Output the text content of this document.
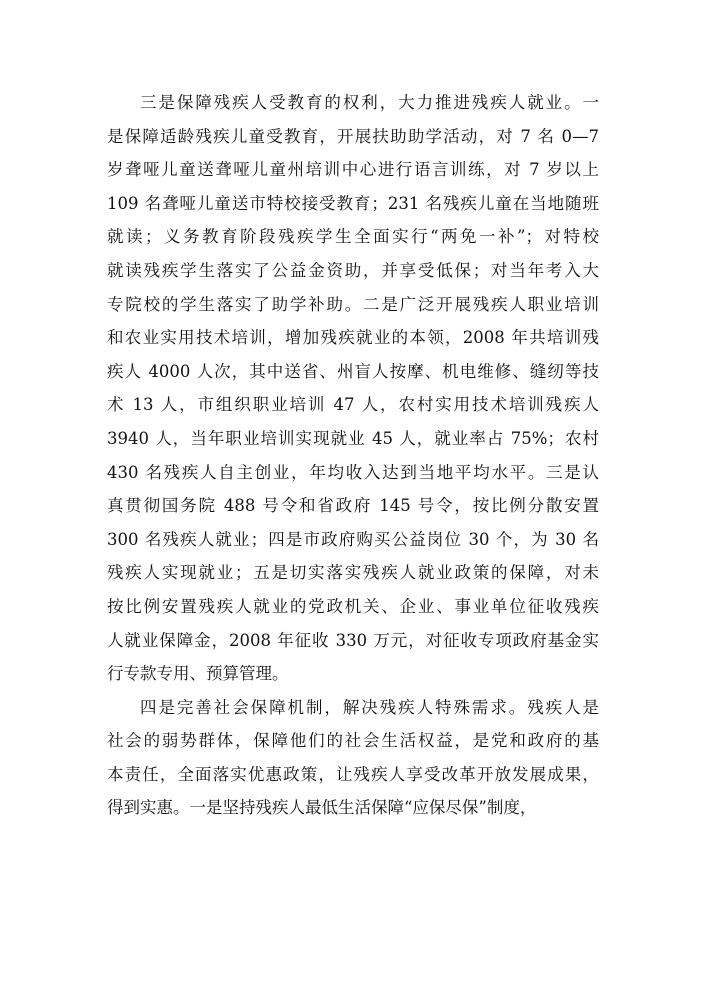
三是保障残疾人受教育的权利，大力推进残疾人就业。一
是保障适龄残疾儿童受教育，开展扶助助学活动，对 7 名 0—7
岁聋哑儿童送聋哑儿童州培训中心进行语言训练，对 7 岁以上
109 名聋哑儿童送市特校接受教育；231 名残疾儿童在当地随班
就读；义务教育阶段残疾学生全面实行“两免一补”；对特校
就读残疾学生落实了公益金资助，并享受低保；对当年考入大
专院校的学生落实了助学补助。二是广泛开展残疾人职业培训
和农业实用技术培训，增加残疾就业的本领，2008 年共培训残
疾人 4000 人次，其中送省、州盲人按摩、机电维修、缝纫等技
术 13 人，市组织职业培训 47 人，农村实用技术培训残疾人
3940 人，当年职业培训实现就业 45 人，就业率占 75%；农村
430 名残疾人自主创业，年均收入达到当地平均水平。三是认
真贯彻国务院 488 号令和省政府 145 号令，按比例分散安置
300 名残疾人就业；四是市政府购买公益岗位 30 个，为 30 名
残疾人实现就业；五是切实落实残疾人就业政策的保障，对未
按比例安置残疾人就业的党政机关、企业、事业单位征收残疾
人就业保障金，2008 年征收 330 万元，对征收专项政府基金实
行专款专用、预算管理。
四是完善社会保障机制，解决残疾人特殊需求。残疾人是
社会的弱势群体，保障他们的社会生活权益，是党和政府的基
本责任，全面落实优惠政策，让残疾人享受改革开放发展成果，
得到实惠。一是坚持残疾人最低生活保障“应保尽保”制度，
